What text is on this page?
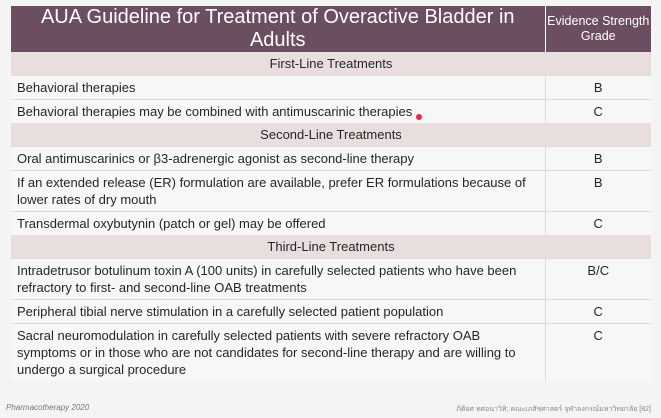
AUA Guideline for Treatment of Overactive Bladder in Adults	Evidence Strength Grade
First-Line Treatments	
Behavioral therapies	B
Behavioral therapies may be combined with antimuscarinic therapies	C
Second-Line Treatments	
Oral antimuscarinics or β3-adrenergic agonist as second-line therapy	B
If an extended release (ER) formulation are available, prefer ER formulations because of lower rates of dry mouth	B
Transdermal oxybutynin (patch or gel) may be offered	C
Third-Line Treatments	
Intradetrusor botulinum toxin A (100 units) in carefully selected patients who have been refractory to first- and second-line OAB treatments	B/C
Peripheral tibial nerve stimulation in a carefully selected patient population	C
Sacral neuromodulation in carefully selected patients with severe refractory OAB symptoms or in those who are not candidates for second-line therapy and are willing to undergo a surgical procedure	C
Pharmacotherapy 2020	ภิติยศ ทศอนาวิทิ; คณะเภสัชศาสตร์ จุฬาลงกรณ์มหาวิทยาลัย [82]
